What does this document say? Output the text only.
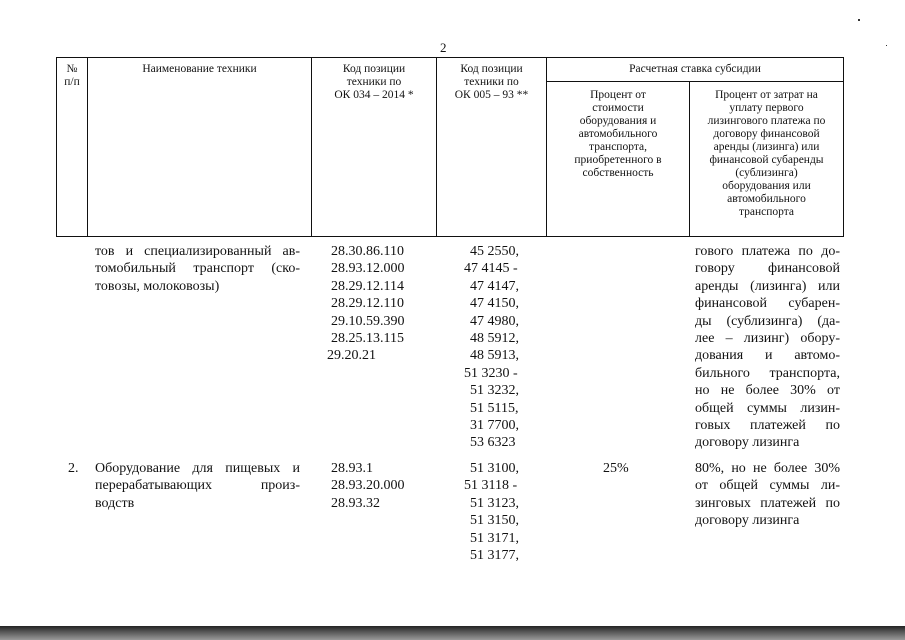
2
№
п/п
Наименование техники	Код позиции
техники по
ОК 034 – 2014 *
Код позиции
техники по
ОК 005 – 93 **
Расчетная ставка субсидии
Процент от
стоимости
оборудования и
автомобильного
транспорта,
приобретенного в
собственность
Процент от затрат на
уплату первого
лизингового платежа по
договору финансовой
аренды (лизинга) или
финансовой субаренды
(сублизинга)
оборудования или
автомобильного
транспорта
тов и специализированный ав-
томобильный транспорт (ско-
товозы, молоковозы)
28.30.86.110
28.93.12.000
28.29.12.114
28.29.12.110
29.10.59.390
28.25.13.115
29.20.21
45 2550,
47 4145 -
47 4147,
47 4150,
47 4980,
48 5912,
48 5913,
51 3230 -
51 3232,
51 5115,
31 7700,
53 6323
гового платежа по до-
говору финансовой
аренды (лизинга) или
финансовой субарен-
ды (сублизинга) (да-
лее – лизинг) обору-
дования и автомо-
бильного транспорта,
но не более 30% от
общей суммы лизин-
говых платежей по
договору лизинга
2. Оборудование для пищевых и
перерабатывающих произ-
водств
28.93.1
28.93.20.000
28.93.32
51 3100,
51 3118 -
51 3123,
51 3150,
51 3171,
51 3177,
25%	80%, но не более 30%
от общей суммы ли-
зинговых платежей по
договору лизинга
